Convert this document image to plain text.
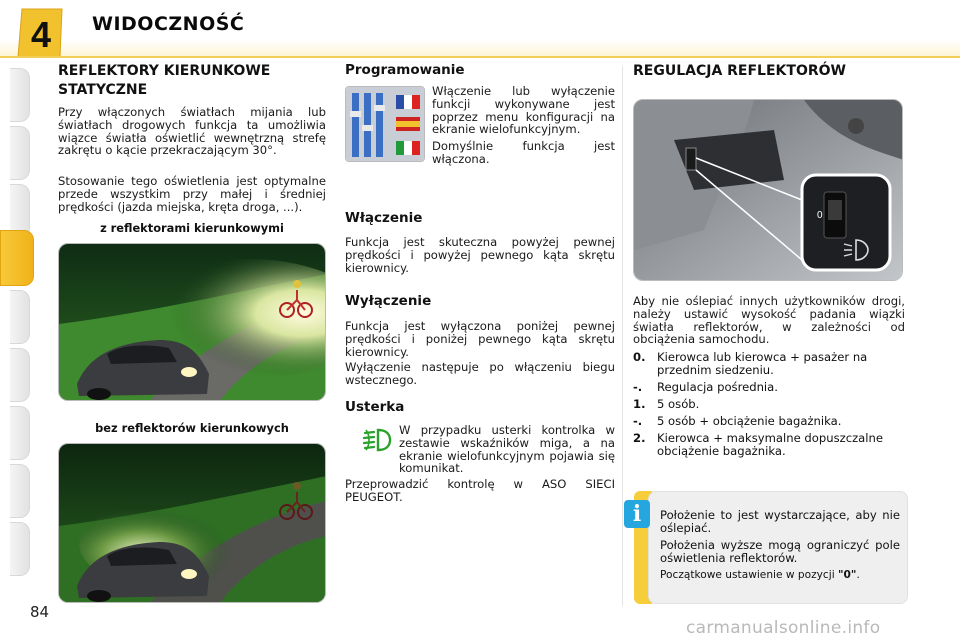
4 WIDOCZNOŚĆ
REFLEKTORY KIERUNKOWE STATYCZNE
Przy włączonych światłach mijania lub światłach drogowych funkcja ta umożliwia wiązce światła oświetlić wewnętrzną strefę zakrętu o kącie przekraczającym 30°.
Stosowanie tego oświetlenia jest optymalne przede wszystkim przy małej i średniej prędkości (jazda miejska, kręta droga, ...).
z reflektorami kierunkowymi
bez reflektorów kierunkowych
Programowanie
Włączenie lub wyłączenie funkcji wykonywane jest poprzez menu konfiguracji na ekranie wielofunkcyjnym.
Domyślnie funkcja jest włączona.
Włączenie
Funkcja jest skuteczna powyżej pewnej prędkości i powyżej pewnego kąta skrętu kierownicy.
Wyłączenie
Funkcja jest wyłączona poniżej pewnej prędkości i poniżej pewnego kąta skrętu kierownicy.
Wyłączenie następuje po włączeniu biegu wstecznego.
Usterka
W przypadku usterki kontrolka w zestawie wskaźników miga, a na ekranie wielofunkcyjnym pojawia się komunikat.
Przeprowadzić kontrolę w ASO SIECI PEUGEOT.
REGULACJA REFLEKTORÓW
0
Aby nie oślepiać innych użytkowników drogi, należy ustawić wysokość padania wiązki światła reflektorów, w zależności od obciążenia samochodu.
0. Kierowca lub kierowca + pasażer na przednim siedzeniu.
-.	Regulacja pośrednia.
1. 5 osób.
-.	5 osób + obciążenie bagażnika.
2. Kierowca + maksymalne dopuszczalne obciążenie bagażnika.
i	Położenie to jest wystarczające, aby nie oślepiać.

Położenia wyższe mogą ograniczyć pole oświetlenia reflektorów.

Początkowe ustawienie w pozycji "0".

84
carmanualsonline.info
